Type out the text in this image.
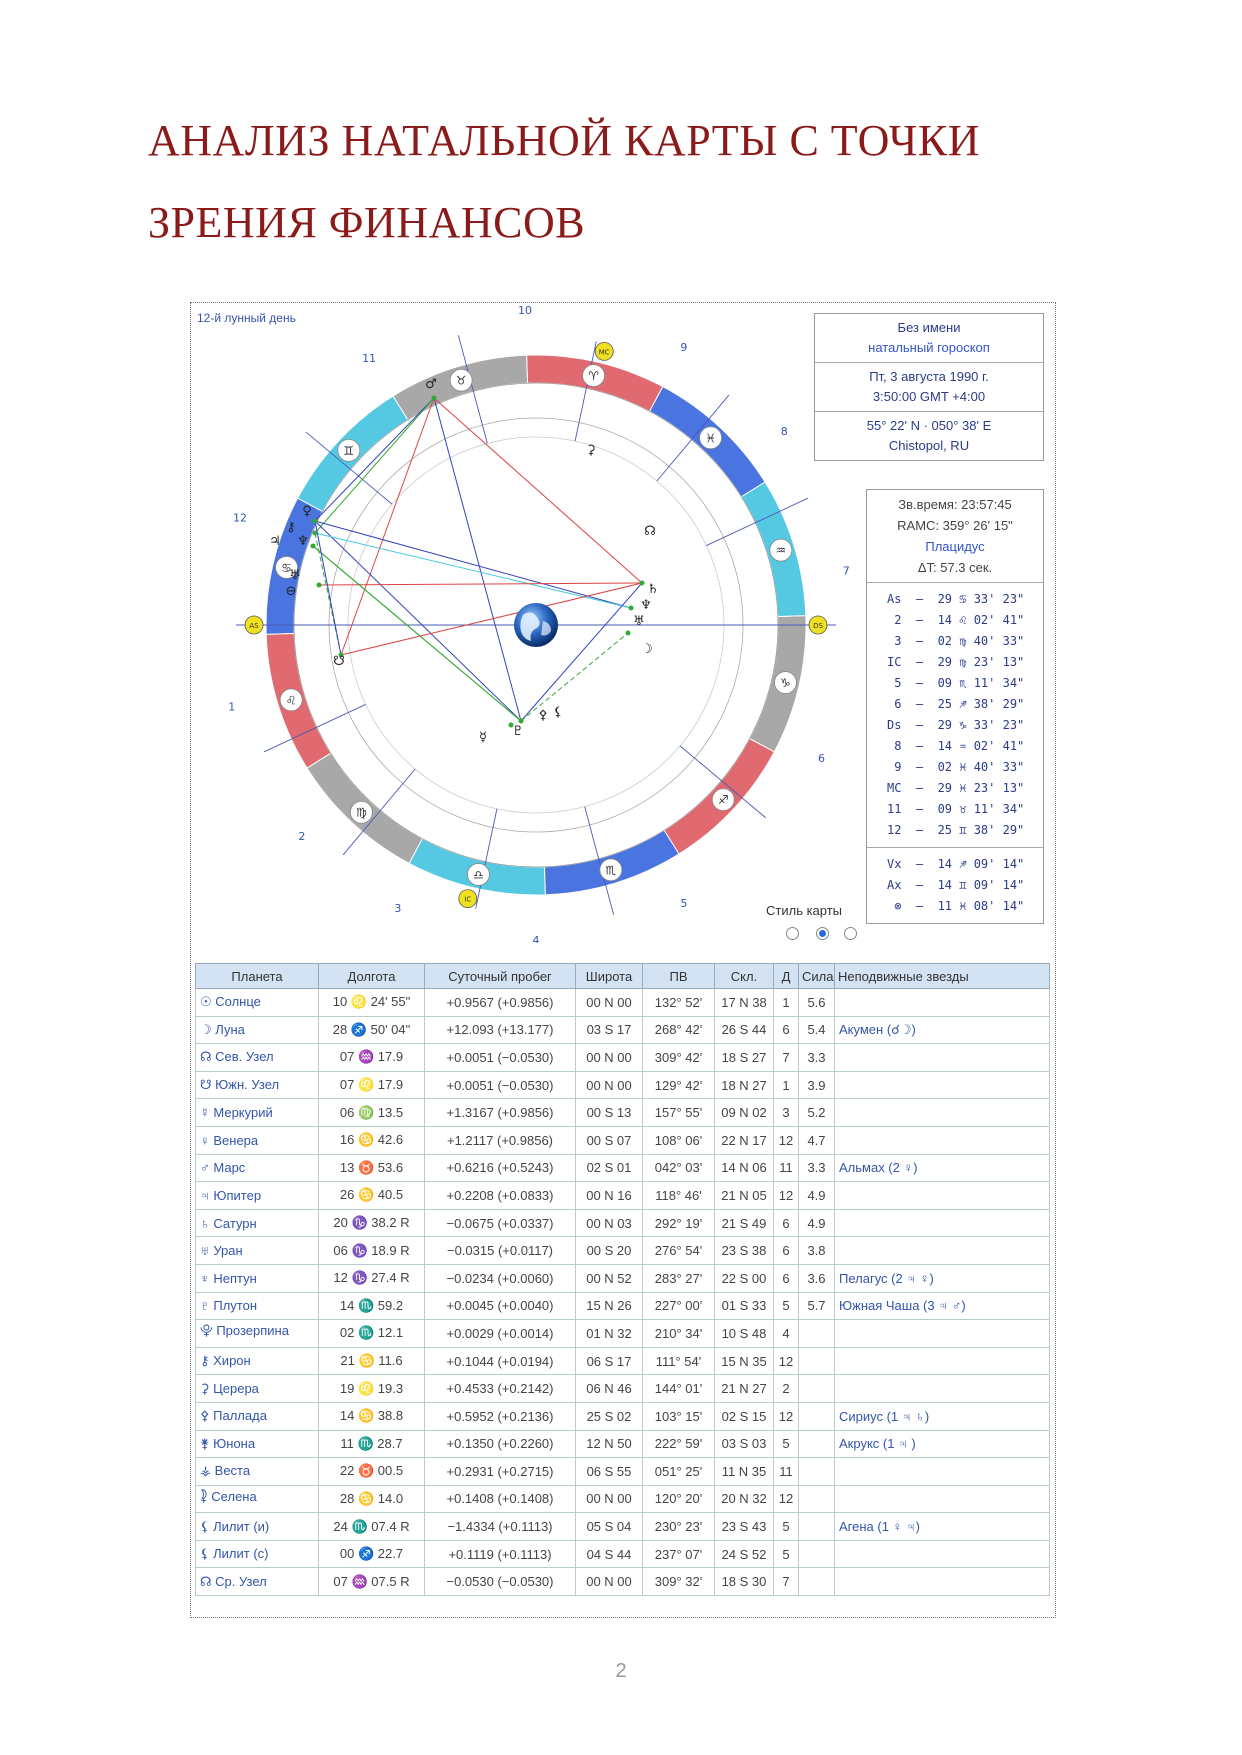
АНАЛИЗ НАТАЛЬНОЙ КАРТЫ С ТОЧКИ ЗРЕНИЯ ФИНАНСОВ
12-й лунный день
♈
♉
♊
♋
♌
♍
♎	♏
♐
♑
♒
♓
1
2
3
4
5
6
7
8
9
10
11
12
AS	DS
MC
IC
♂
♀
⚷
♃ ♆
♅
⊖
⚳
☊
♄
♆
♅
☽
♇
⚸
⚴
☿
☋
Без имени
натальный гороскоп
Пт, 3 августа 1990 г.
3:50:00 GMT +4:00
55° 22' N · 050° 38' E
Chistopol, RU
Зв.время: 23:57:45
RAMC: 359° 26' 15"
Плацидус
ΔT: 57.3 сек.
As  –  29 ♋ 33' 23"
2  –  14 ♌ 02' 41"
3  –  02 ♍ 40' 33"
IC  –  29 ♍ 23' 13"
5  –  09 ♏ 11' 34"
6  –  25 ♐ 38' 29"
Ds  –  29 ♑ 33' 23"
8  –  14 ♒ 02' 41"
9  –  02 ♓ 40' 33"
MC  –  29 ♓ 23' 13"
11  –  09 ♉ 11' 34"
12  –  25 ♊ 38' 29"
Vx  –  14 ♐ 09' 14"
Ax  –  14 ♊ 09' 14"
⊗  –  11 ♓ 08' 14"
Стиль карты
Планета	Долгота	Суточный пробег	Широта	ПВ	Скл.	Д	Сила	Неподвижные звезды
☉ Солнце	10 ♌ 24' 55"	+0.9567 (+0.9856)	00 N 00	132° 52'	17 N 38	1	5.6	
☽ Луна	28 ♐ 50' 04"	+12.093 (+13.177)	03 S 17	268° 42'	26 S 44	6	5.4	Акумен (☌☽)
☊ Сев. Узел	07 ♒ 17.9	+0.0051 (−0.0530)	00 N 00	309° 42'	18 S 27	7	3.3	
☋ Южн. Узел	07 ♌ 17.9	+0.0051 (−0.0530)	00 N 00	129° 42'	18 N 27	1	3.9	
☿ Меркурий	06 ♍ 13.5	+1.3167 (+0.9856)	00 S 13	157° 55'	09 N 02	3	5.2	
♀ Венера	16 ♋ 42.6	+1.2117 (+0.9856)	00 S 07	108° 06'	22 N 17	12	4.7	
♂ Марс	13 ♉ 53.6	+0.6216 (+0.5243)	02 S 01	042° 03'	14 N 06	11	3.3	Альмах (2 ♀)
♃ Юпитер	26 ♋ 40.5	+0.2208 (+0.0833)	00 N 16	118° 46'	21 N 05	12	4.9	
♄ Сатурн	20 ♑ 38.2 R	−0.0675 (+0.0337)	00 N 03	292° 19'	21 S 49	6	4.9	
♅ Уран	06 ♑ 18.9 R	−0.0315 (+0.0117)	00 S 20	276° 54'	23 S 38	6	3.8	
♆ Нептун	12 ♑ 27.4 R	−0.0234 (+0.0060)	00 N 52	283° 27'	22 S 00	6	3.6	Пелагус (2 ♃ ♀)
♇ Плутон	14 ♏ 59.2	+0.0045 (+0.0040)	15 N 26	227° 00'	01 S 33	5	5.7	Южная Чаша (3 ♃ ♂)
⯓ Прозерпина	02 ♏ 12.1	+0.0029 (+0.0014)	01 N 32	210° 34'	10 S 48	4		
⚷ Хирон	21 ♋ 11.6	+0.1044 (+0.0194)	06 S 17	111° 54'	15 N 35	12		
⚳ Церера	19 ♌ 19.3	+0.4533 (+0.2142)	06 N 46	144° 01'	21 N 27	2		
⚴ Паллада	14 ♋ 38.8	+0.5952 (+0.2136)	25 S 02	103° 15'	02 S 15	12		Сириус (1 ♃ ♄)
⚵ Юнона	11 ♏ 28.7	+0.1350 (+0.2260)	12 N 50	222° 59'	03 S 03	5		Акрукс (1 ♃ )
⚶ Веста	22 ♉ 00.5	+0.2931 (+0.2715)	06 S 55	051° 25'	11 N 35	11		
⯝ Селена	28 ♋ 14.0	+0.1408 (+0.1408)	00 N 00	120° 20'	20 N 32	12		
⚸ Лилит (и)	24 ♏ 07.4 R	−1.4334 (+0.1113)	05 S 04	230° 23'	23 S 43	5		Агена (1 ♀ ♃)
⚸ Лилит (с)	00 ♐ 22.7	+0.1119 (+0.1113)	04 S 44	237° 07'	24 S 52	5		
☊ Ср. Узел	07 ♒ 07.5 R	−0.0530 (−0.0530)	00 N 00	309° 32'	18 S 30	7		
2
